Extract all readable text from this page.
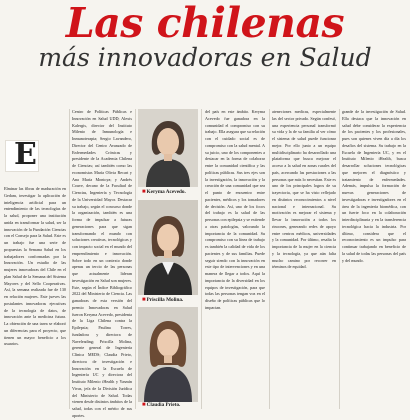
Las chilenas
más innovadoras en Salud

Elminar las fibras de maduración en Gedam, investigar la aplicación de inteligencia artificial para un entendimiento de las tecnologías de la salud, proponer una institución unida en transformar la salud, ser la innovación de la Fundación Ciencias con el Consejo para la Salud. Este es un trabajo fue una serie de propuestas la Semana Salud en los trabajadores conformadas por la Innovación. Un estudio de las mujeres innovadoras del Chile en el plan Salud de la Semana del Sistema Mayores y del Sello Cooperativas. Así, la semana realizada fue de 130 en relación mujeres. Este jueves las postulantes innovadoras ejecutivas de la tecnología de datos, de innovación ante la medicina futura. La obtención de una tarea se elaboró un diferencias para el proyecto, que tienen un mayor beneficio a los usuarios.

E

Centro de Políticas Públicas e Innovación en Salud UDD; Alexis Kalergis, director del Instituto Milenio de Inmunología e Inmunoterapia; Sergio Lavandero, Director del Centro Avanzado de Enfermedades Crónicas y presidente de la Academia Chilena de Ciencias; así también como las economistas María Olivia Recart y Ana María Montoya; y Andrés Couve, decano de la Facultad de Ciencias, Ingeniería y Tecnología de la Universidad Mayor. Destacar su trabajo, según el concurso donde la organización, también es una forma de impulsar a futuras generaciones para que sigan transformando el mundo con soluciones creativas, tecnológicas y con impacto social en el mundo del emprendimiento e innovación. Sobre todo en un contexto donde apenas un tercio de las personas que actualmente lideran investigación en Salud son mujeres. Este, según el Índice Bibliográfico 2022 del Ministerio de Ciencia. Las ganadoras de esta versión del premio Innovadoras en Salud fueron Keryma Acevedo, presidenta de la Liga Chilena contra la Epilepsia; Paulina Torres, fundadora y directora de Naveleading; Priscilla Molina, gerente general de Ingeniería Clínica MEDS; Claudia Prieto, directora de investigación e Innovación en la Escuela de Ingeniería UC y directora del Instituto Milenio iHealth y Yasmín Vivas, jefa de la División Jurídica del Ministerio de Salud. Todas vienen desde distintos ámbitos de la salud, todas con el mérito de sus aportes.

del país en este ámbito. Keryma Acevedo fue ganadora en la comunidad el compromiso con su trabajo. Ella asegura que su relación con el cuidado social es de compromiso con la salud mental. A su juicio, uno de los componentes a destacar en la forma de colaborar entre la comunidad científica y las políticas públicas. Sus tres ejes son la investigación, la innovación y la creación de una comunidad que sea el punto de encuentro entre pacientes, médicos y los tomadores de decisión. Así, uno de los focos del trabajo es la salud de las personas con epilepsia y se extiende a otras patologías, valorando la importancia de la comunidad. Su compromiso con su línea de trabajo es también la calidad de vida de los pacientes y de sus familias. Puede seguir siendo con la innovación en este tipo de intervenciones y en una manera de llegar a todos. Aquí la importancia de la diversidad en los equipos de investigación, para que todas las personas tengan voz en el diseño de políticas públicas que lo impactan.

ateneciones medicas, especialmente las del sector privado. Según confesó, una experiencia personal transformó su vida y la de su familia al ver cómo el sistema de salud puede funcionar mejor. Por ello junto a un equipo multidisciplinario ha desarrollado una plataforma que busca mejorar el acceso a la salud en zonas rurales del país, acercando las prestaciones a las personas que más lo necesitan. Este es uno de los principales logros de su trayectoria, que se ha visto reflejado en distintos reconocimientos a nivel nacional e internacional. Su motivación es mejorar el sistema y llevar la innovación a todos los rincones, generando redes de apoyo entre centros médicos, universidades y la comunidad. Por último, resalta la importancia de la mujer en la ciencia y la tecnología, ya que aún falta mucho camino por recorrer en términos de equidad.

grande de la investigación de Salud. Ella destaca que la innovación en salud debe considerar la experiencia de los pacientes y los profesionales, pues son quienes viven día a día los desafíos del sistema. Su trabajo en la Escuela de Ingeniería UC, y en el Instituto Milenio iHealth, busca desarrollar soluciones tecnológicas que mejoren el diagnóstico y tratamiento de enfermedades. Además, impulsa la formación de nuevas generaciones de investigadoras e investigadores en el área de la ingeniería biomédica, con un fuerte foco en la colaboración interdisciplinaria y en la transferencia tecnológica hacia la industria. Por último, considera que el reconocimiento es un impulso para continuar trabajando en beneficio de la salud de todas las personas del país y del mundo.

■Keryma Acevedo.
■Priscilla Molina.
■Claudia Prieto.
